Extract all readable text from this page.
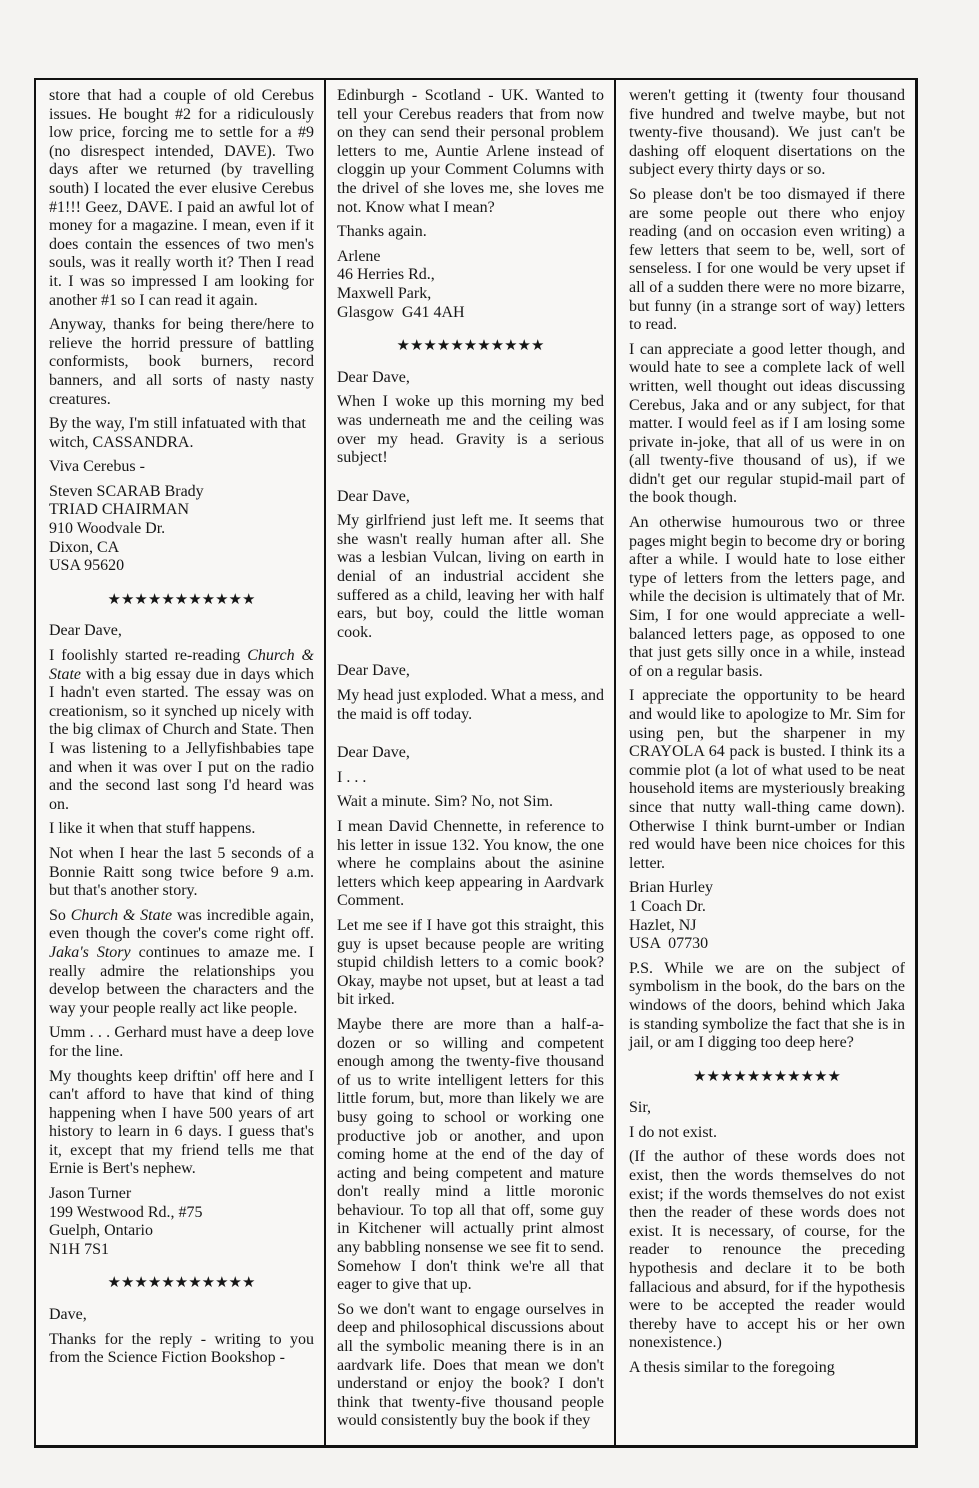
store that had a couple of old Cerebus issues. He bought #2 for a ridiculously low price, forcing me to settle for a #9 (no disrespect intended, DAVE). Two days after we returned (by travelling south) I located the ever elusive Cerebus #1!!! Geez, DAVE. I paid an awful lot of money for a magazine. I mean, even if it does contain the essences of two men's souls, was it really worth it? Then I read it. I was so impressed I am looking for another #1 so I can read it again.

Anyway, thanks for being there/here to relieve the horrid pressure of battling conformists, book burners, record banners, and all sorts of nasty nasty creatures.

By the way, I'm still infatuated with that witch, CASSANDRA.

Viva Cerebus -

Steven SCARAB Brady
TRIAD CHAIRMAN
910 Woodvale Dr.
Dixon, CA
USA 95620
★★★★★★★★★★★

Dear Dave,

I foolishly started re-reading Church & State with a big essay due in days which I hadn't even started. The essay was on creationism, so it synched up nicely with the big climax of Church and State. Then I was listening to a Jellyfishbabies tape and when it was over I put on the radio and the second last song I'd heard was on.

I like it when that stuff happens.

Not when I hear the last 5 seconds of a Bonnie Raitt song twice before 9 a.m. but that's another story.

So Church & State was incredible again, even though the cover's come right off. Jaka's Story continues to amaze me. I really admire the relationships you develop between the characters and the way your people really act like people.

Umm . . . Gerhard must have a deep love for the line.

My thoughts keep driftin' off here and I can't afford to have that kind of thing happening when I have 500 years of art history to learn in 6 days. I guess that's it, except that my friend tells me that Ernie is Bert's nephew.

Jason Turner
199 Westwood Rd., #75
Guelph, Ontario
N1H 7S1
★★★★★★★★★★★

Dave,

Thanks for the reply - writing to you from the Science Fiction Bookshop -

Edinburgh - Scotland - UK. Wanted to tell your Cerebus readers that from now on they can send their personal problem letters to me, Auntie Arlene instead of cloggin up your Comment Columns with the drivel of she loves me, she loves me not. Know what I mean?

Thanks again.

Arlene
46 Herries Rd.,
Maxwell Park,
Glasgow  G41 4AH
★★★★★★★★★★★

Dear Dave,

When I woke up this morning my bed was underneath me and the ceiling was over my head. Gravity is a serious subject!

Dear Dave,

My girlfriend just left me. It seems that she wasn't really human after all. She was a lesbian Vulcan, living on earth in denial of an industrial accident she suffered as a child, leaving her with half ears, but boy, could the little woman cook.

Dear Dave,

My head just exploded. What a mess, and the maid is off today.

Dear Dave,

I . . .

Wait a minute. Sim? No, not Sim.

I mean David Chennette, in reference to his letter in issue 132. You know, the one where he complains about the asinine letters which keep appearing in Aardvark Comment.

Let me see if I have got this straight, this guy is upset because people are writing stupid childish letters to a comic book? Okay, maybe not upset, but at least a tad bit irked.

Maybe there are more than a half-a-dozen or so willing and competent enough among the twenty-five thousand of us to write intelligent letters for this little forum, but, more than likely we are busy going to school or working one productive job or another, and upon coming home at the end of the day of acting and being competent and mature don't really mind a little moronic behaviour. To top all that off, some guy in Kitchener will actually print almost any babbling nonsense we see fit to send. Somehow I don't think we're all that eager to give that up.

So we don't want to engage ourselves in deep and philosophical discussions about all the symbolic meaning there is in an aardvark life. Does that mean we don't understand or enjoy the book? I don't think that twenty-five thousand people would consistently buy the book if they

weren't getting it (twenty four thousand five hundred and twelve maybe, but not twenty-five thousand). We just can't be dashing off eloquent disertations on the subject every thirty days or so.

So please don't be too dismayed if there are some people out there who enjoy reading (and on occasion even writing) a few letters that seem to be, well, sort of senseless. I for one would be very upset if all of a sudden there were no more bizarre, but funny (in a strange sort of way) letters to read.

I can appreciate a good letter though, and would hate to see a complete lack of well written, well thought out ideas discussing Cerebus, Jaka and or any subject, for that matter. I would feel as if I am losing some private in-joke, that all of us were in on (all twenty-five thousand of us), if we didn't get our regular stupid-mail part of the book though.

An otherwise humourous two or three pages might begin to become dry or boring after a while. I would hate to lose either type of letters from the letters page, and while the decision is ultimately that of Mr. Sim, I for one would appreciate a well-balanced letters page, as opposed to one that just gets silly once in a while, instead of on a regular basis.

I appreciate the opportunity to be heard and would like to apologize to Mr. Sim for using pen, but the sharpener in my CRAYOLA 64 pack is busted. I think its a commie plot (a lot of what used to be neat household items are mysteriously breaking since that nutty wall-thing came down). Otherwise I think burnt-umber or Indian red would have been nice choices for this letter.

Brian Hurley
1 Coach Dr.
Hazlet, NJ
USA  07730

P.S. While we are on the subject of symbolism in the book, do the bars on the windows of the doors, behind which Jaka is standing symbolize the fact that she is in jail, or am I digging too deep here?

★★★★★★★★★★★

Sir,

I do not exist.

(If the author of these words does not exist, then the words themselves do not exist; if the words themselves do not exist then the reader of these words does not exist. It is necessary, of course, for the reader to renounce the preceding hypothesis and declare it to be both fallacious and absurd, for if the hypothesis were to be accepted the reader would thereby have to accept his or her own nonexistence.)

A thesis similar to the foregoing
